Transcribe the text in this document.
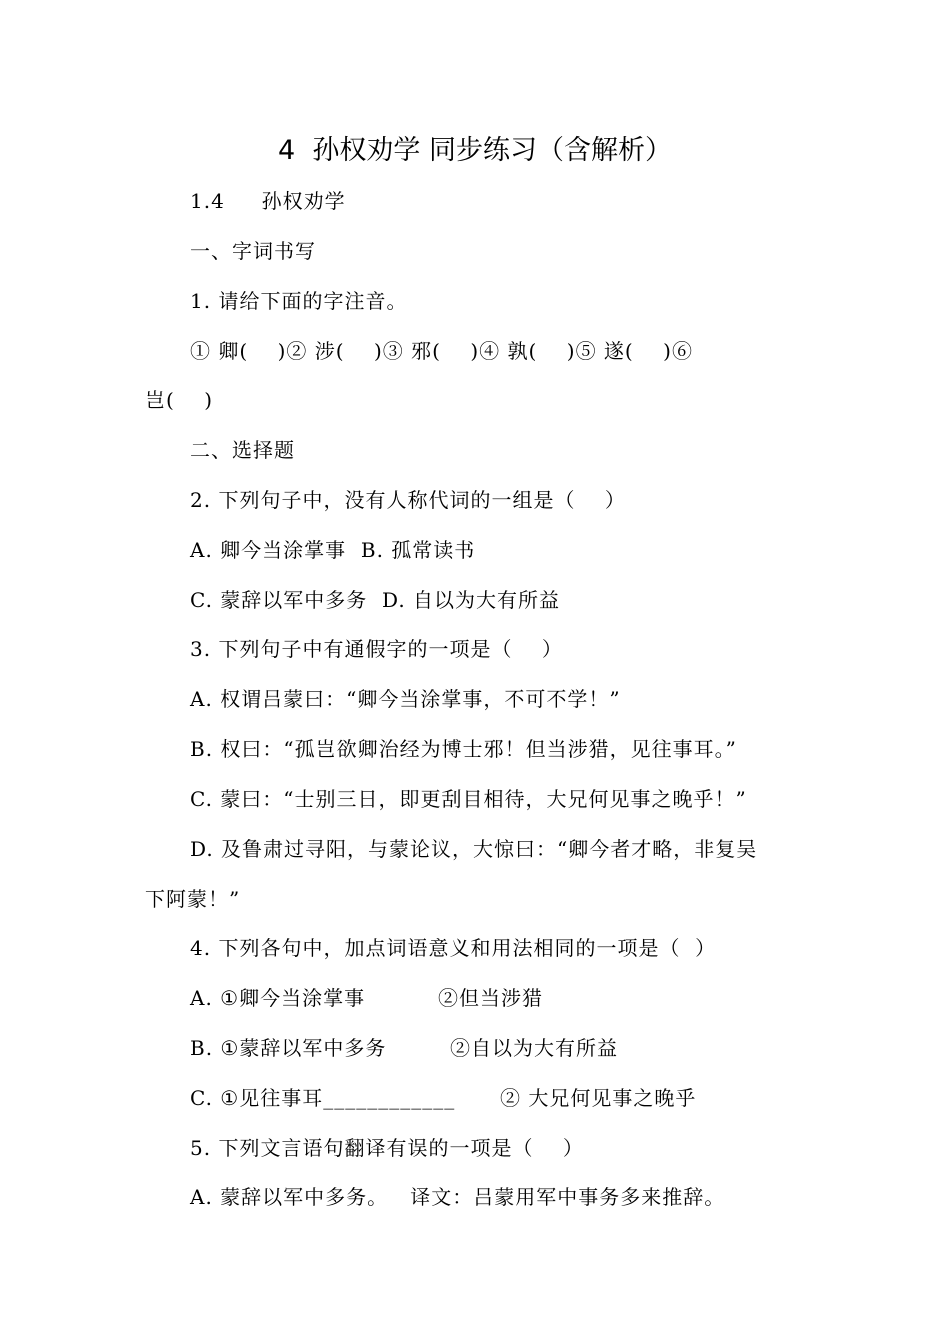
4  孙权劝学 同步练习（含解析）
1.4     孙权劝学
一、字词书写
1. 请给下面的字注音。
① 卿(    )② 涉(    )③ 邪(    )④ 孰(    )⑤ 遂(    )⑥
岂(    )
二、选择题
2. 下列句子中，没有人称代词的一组是（    ）
A. 卿今当涂掌事  B. 孤常读书
C. 蒙辞以军中多务  D. 自以为大有所益
3. 下列句子中有通假字的一项是（    ）
A. 权谓吕蒙曰：“卿今当涂掌事，不可不学！”
B. 权曰：“孤岂欲卿治经为博士邪！但当涉猎，见往事耳。”
C. 蒙曰：“士别三日，即更刮目相待，大兄何见事之晚乎！”
D. 及鲁肃过寻阳，与蒙论议，大惊曰：“卿今者才略，非复吴
下阿蒙！”
4. 下列各句中，加点词语意义和用法相同的一项是（  ）
A. ①卿今当涂掌事	②但当涉猎
B. ①蒙辞以军中多务	②自以为大有所益
C. ①见往事耳____________	② 大兄何见事之晚乎
5. 下列文言语句翻译有误的一项是（    ）
A. 蒙辞以军中多务。   译文：吕蒙用军中事务多来推辞。
